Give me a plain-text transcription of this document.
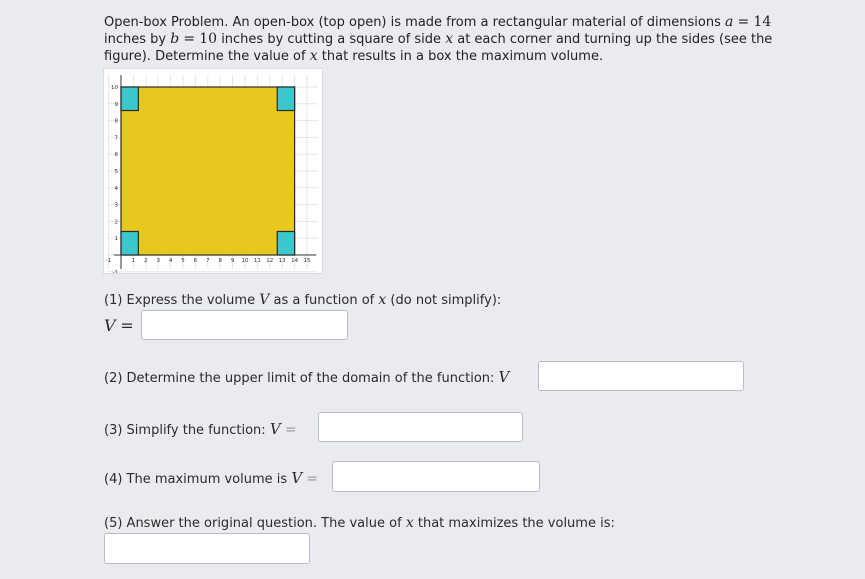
Open-box Problem. An open-box (top open) is made from a rectangular material of dimensions a = 14
inches by b = 10 inches by cutting a square of side x at each corner and turning up the sides (see the
figure). Determine the value of x that results in a box the maximum volume.
-1	1 2 3 4 5 6 7 8 9 10 11 12 13 14 15
10
9
8
7
6
5
4
3
2
1
-1
(1) Express the volume V as a function of x (do not simplify):
V =
(2) Determine the upper limit of the domain of the function: V
(3) Simplify the function: V =
(4) The maximum volume is V =
(5) Answer the original question. The value of x that maximizes the volume is:
